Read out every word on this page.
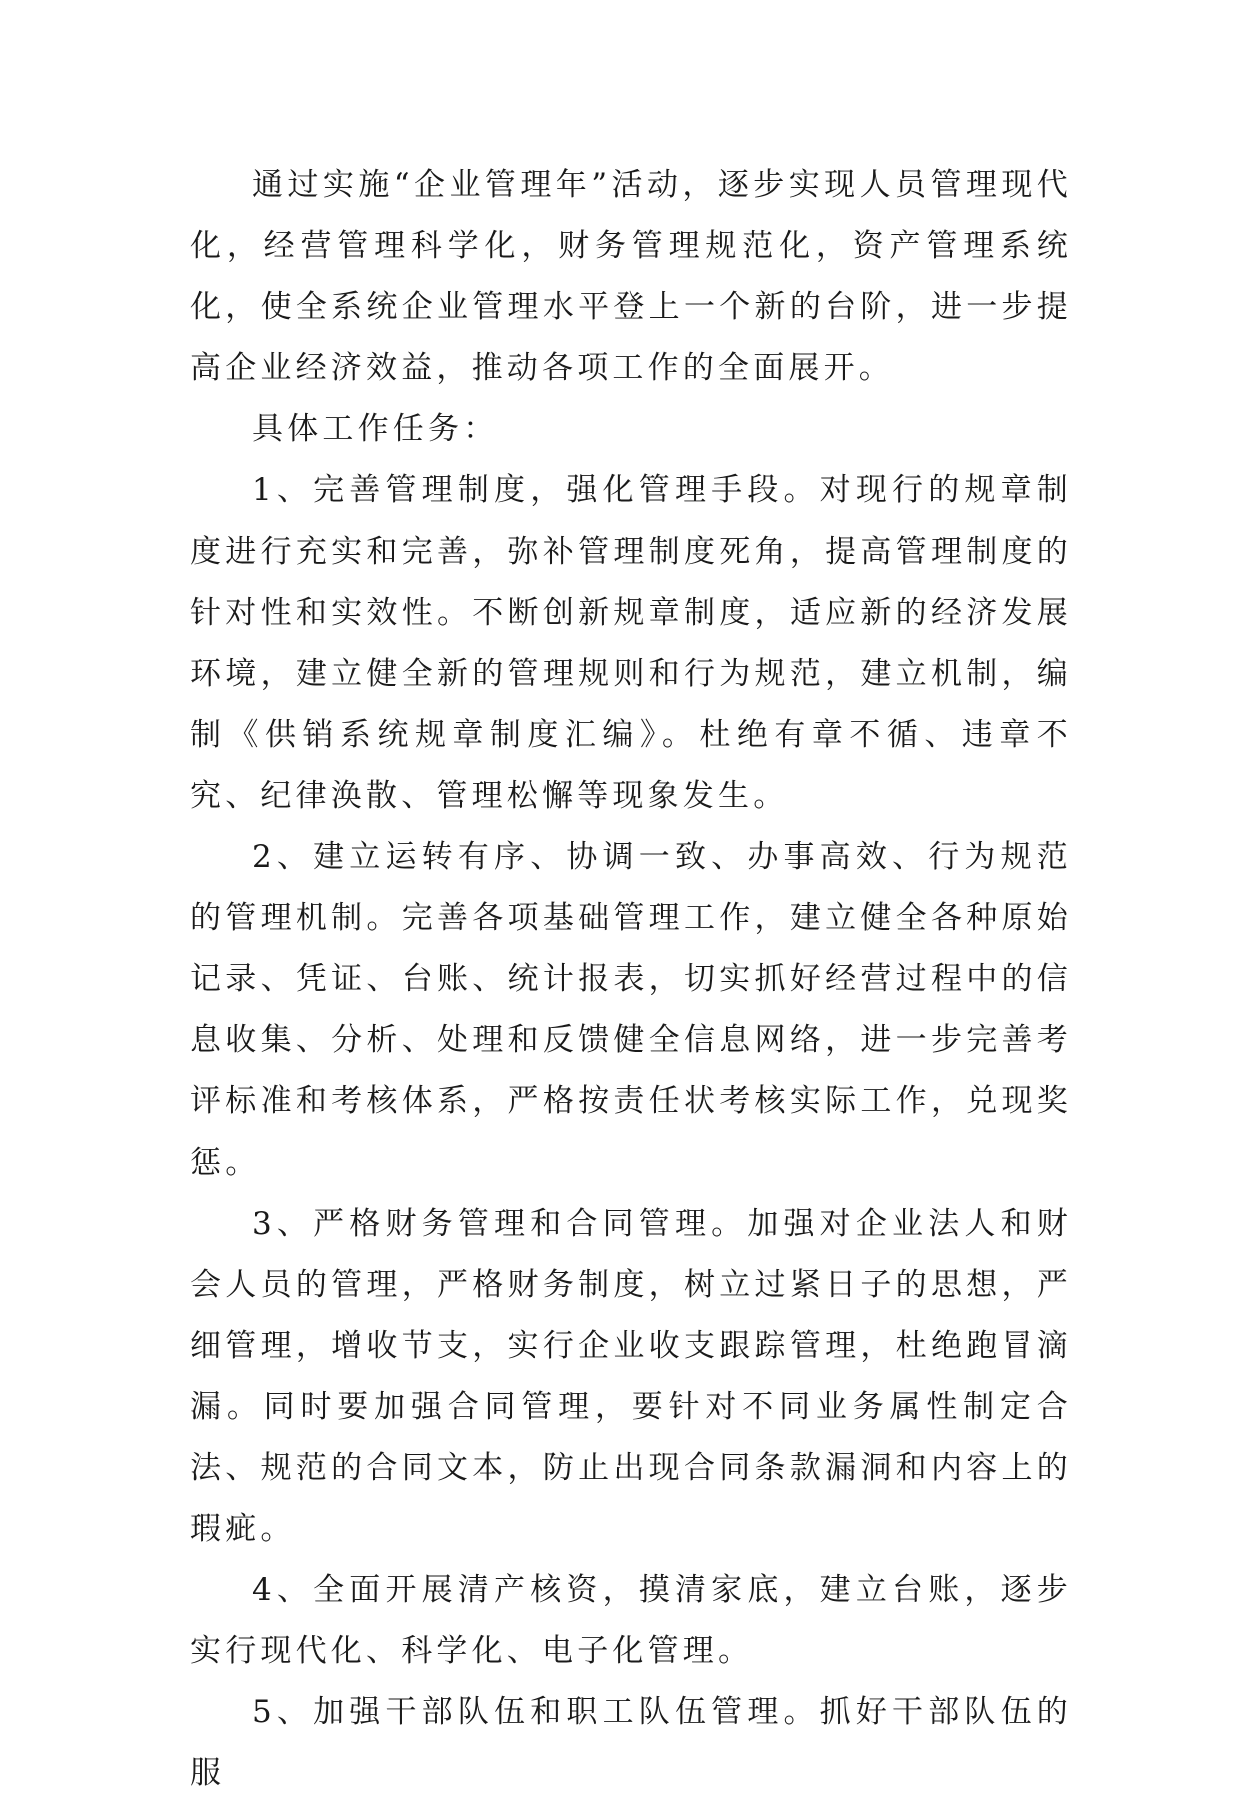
通过实施“企业管理年”活动，逐步实现人员管理现代化，经营管理科学化，财务管理规范化，资产管理系统化，使全系统企业管理水平登上一个新的台阶，进一步提高企业经济效益，推动各项工作的全面展开。

具体工作任务：

1、完善管理制度，强化管理手段。对现行的规章制度进行充实和完善，弥补管理制度死角，提高管理制度的针对性和实效性。不断创新规章制度，适应新的经济发展环境，建立健全新的管理规则和行为规范，建立机制，编制《供销系统规章制度汇编》。杜绝有章不循、违章不究、纪律涣散、管理松懈等现象发生。

2、建立运转有序、协调一致、办事高效、行为规范的管理机制。完善各项基础管理工作，建立健全各种原始记录、凭证、台账、统计报表，切实抓好经营过程中的信息收集、分析、处理和反馈健全信息网络，进一步完善考评标准和考核体系，严格按责任状考核实际工作，兑现奖惩。

3、严格财务管理和合同管理。加强对企业法人和财会人员的管理，严格财务制度，树立过紧日子的思想，严细管理，增收节支，实行企业收支跟踪管理，杜绝跑冒滴漏。同时要加强合同管理，要针对不同业务属性制定合法、规范的合同文本，防止出现合同条款漏洞和内容上的瑕疵。

4、全面开展清产核资，摸清家底，建立台账，逐步实行现代化、科学化、电子化管理。

5、加强干部队伍和职工队伍管理。抓好干部队伍的服
